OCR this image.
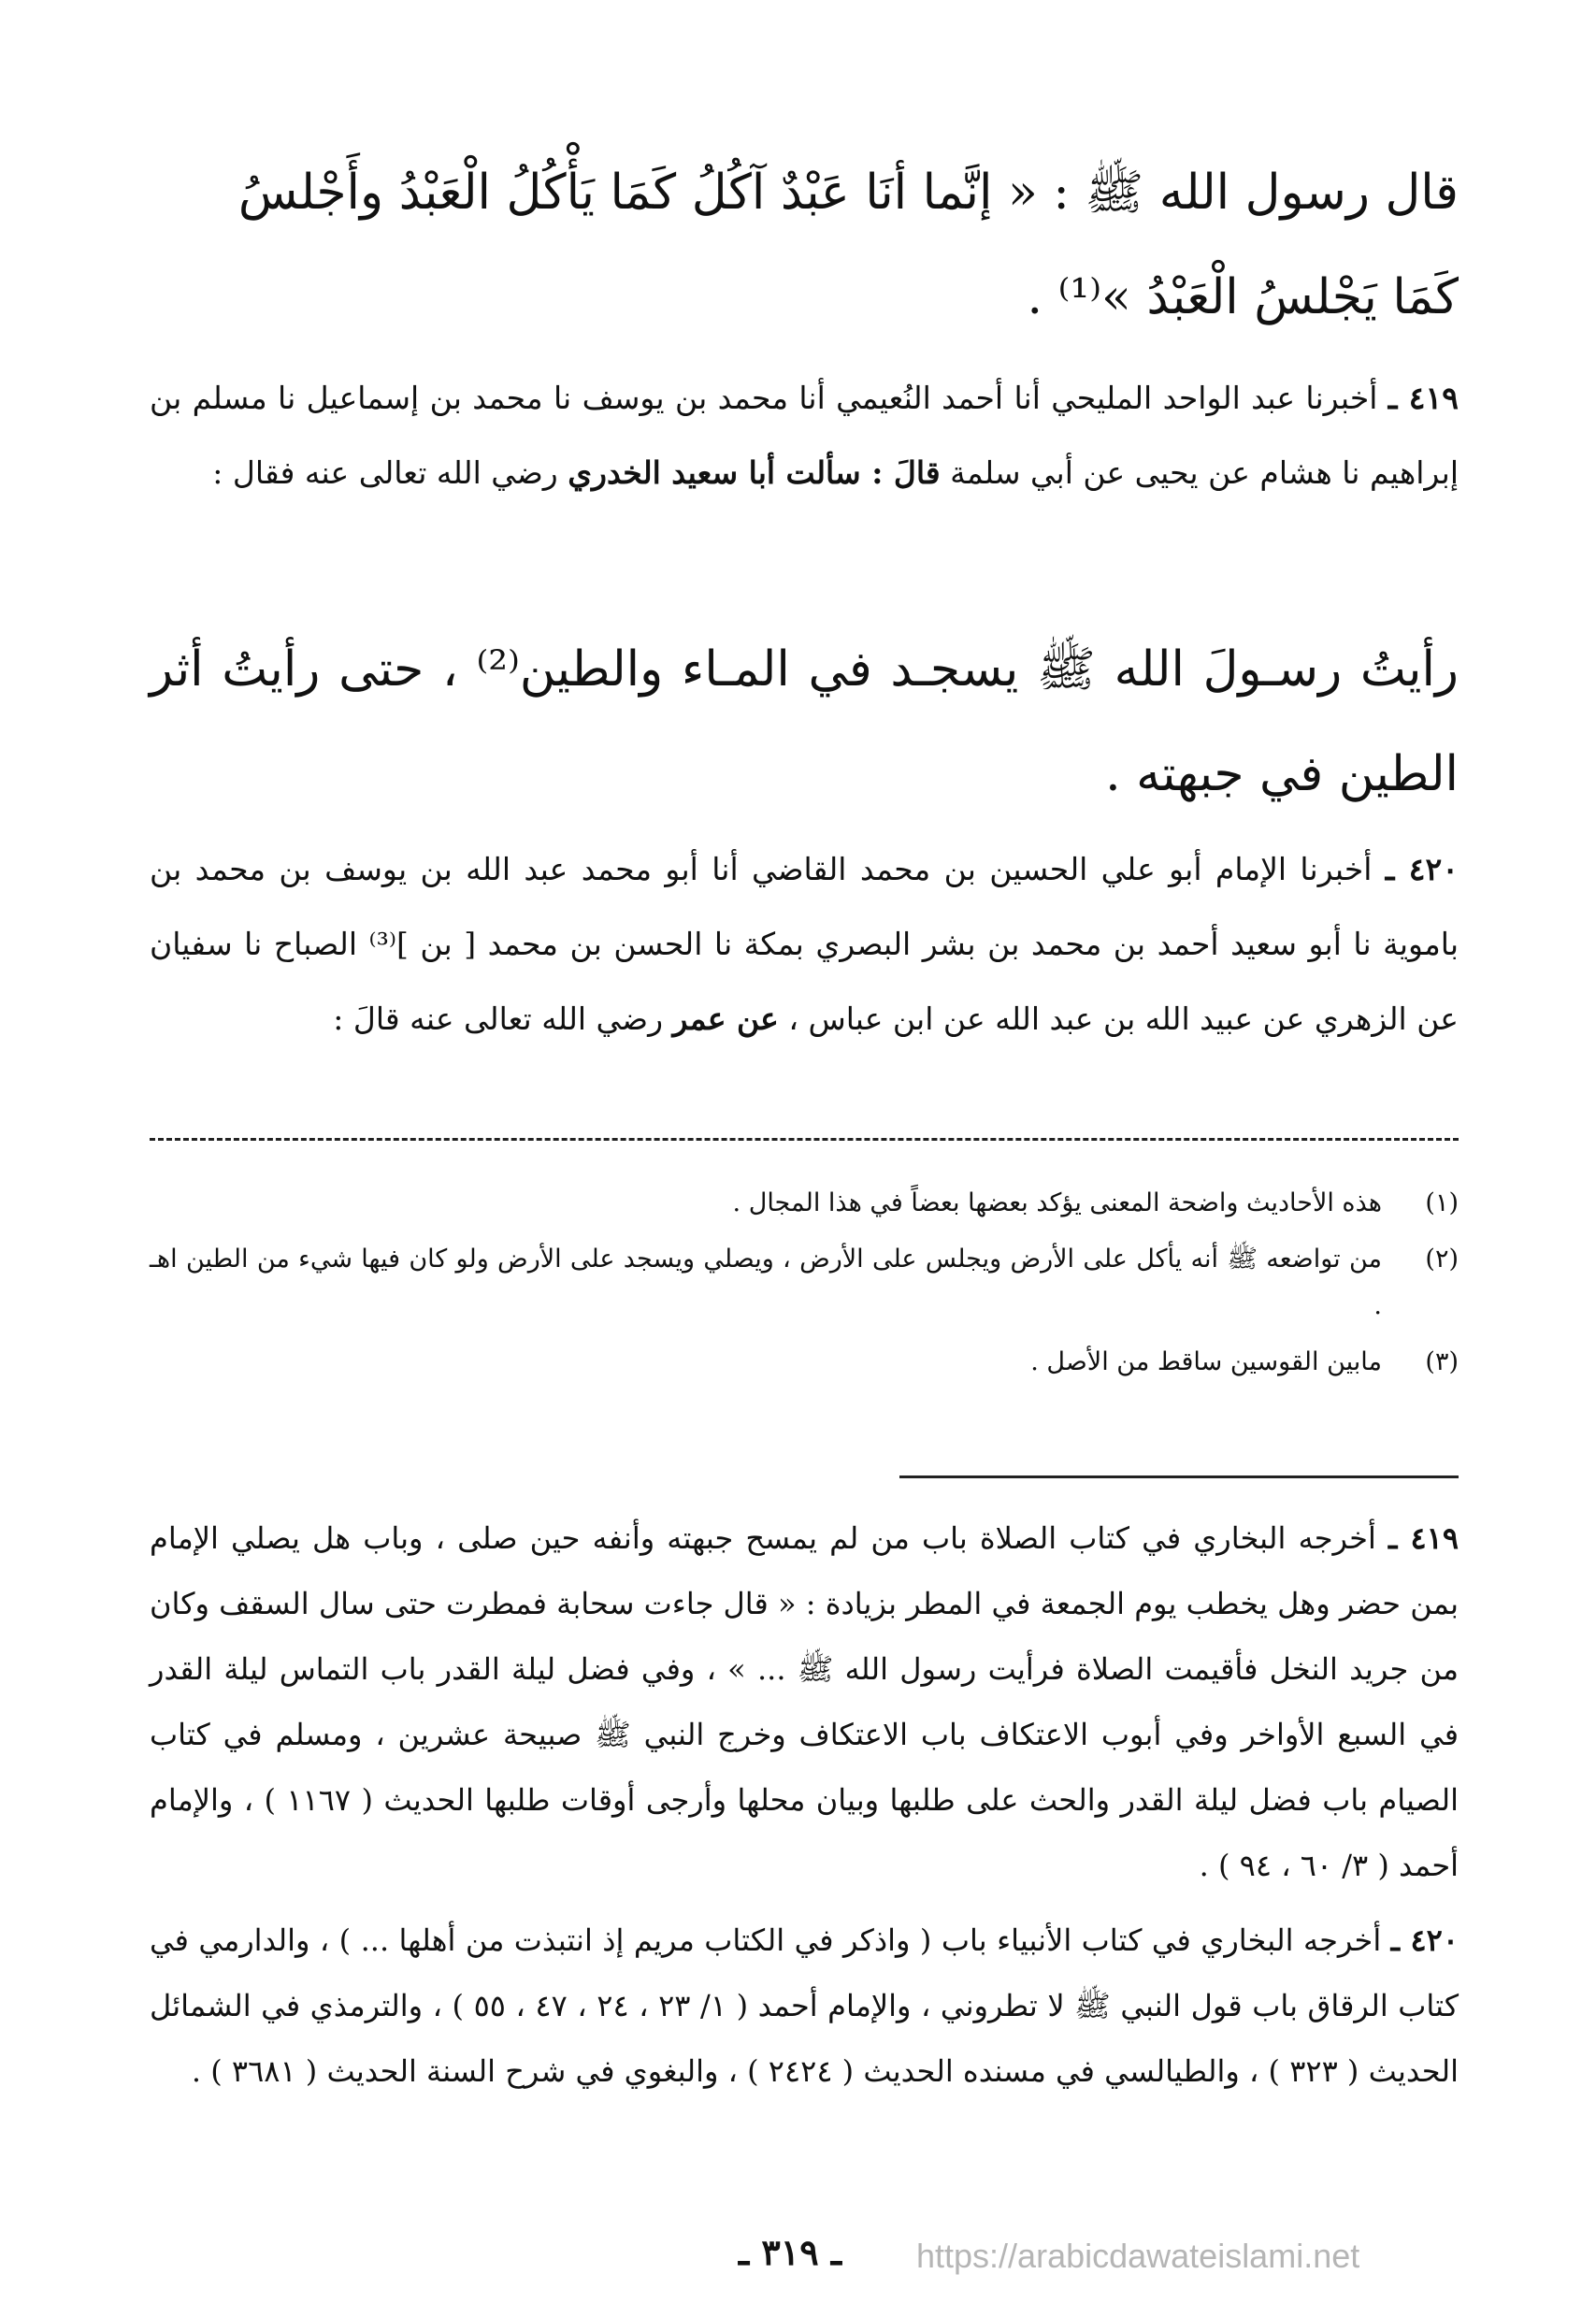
قال رسول الله ﷺ : « إنَّما أنَا عَبْدٌ آكُلُ كَمَا يَأْكُلُ الْعَبْدُ وأَجْلسُ

كَمَا يَجْلسُ الْعَبْدُ »⁽¹⁾ .

٤١٩ ـ أخبرنا عبد الواحد المليحي أنا أحمد النُعيمي أنا محمد بن يوسف نا محمد بن إسماعيل نا مسلم بن إبراهيم نا هشام عن يحيى عن أبي سلمة قالَ : سألت أبا سعيد الخدري رضي الله تعالى عنه فقال :

رأيتُ رسـولَ الله ﷺ يسجـد في المـاء والطين⁽²⁾ ، حتى رأيتُ أثر الطين في جبهته .

٤٢٠ ـ أخبرنا الإمام أبو علي الحسين بن محمد القاضي أنا أبو محمد عبد الله بن يوسف بن محمد بن باموية نا أبو سعيد أحمد بن محمد بن بشر البصري بمكة نا الحسن بن محمد [ بن ]⁽³⁾ الصباح نا سفيان عن الزهري عن عبيد الله بن عبد الله عن ابن عباس ، عن عمر رضي الله تعالى عنه قالَ :

(١)
هذه الأحاديث واضحة المعنى يؤكد بعضها بعضاً في هذا المجال .
(٢)
من تواضعه ﷺ أنه يأكل على الأرض ويجلس على الأرض ، ويصلي ويسجد على الأرض ولو كان فيها شيء من الطين اهـ .
(٣)
مابين القوسين ساقط من الأصل .

٤١٩ ـ أخرجه البخاري في كتاب الصلاة باب من لم يمسح جبهته وأنفه حين صلى ، وباب هل يصلي الإمام بمن حضر وهل يخطب يوم الجمعة في المطر بزيادة : « قال جاءت سحابة فمطرت حتى سال السقف وكان من جريد النخل فأقيمت الصلاة فرأيت رسول الله ﷺ ... » ، وفي فضل ليلة القدر باب التماس ليلة القدر في السبع الأواخر وفي أبوب الاعتكاف باب الاعتكاف وخرج النبي ﷺ صبيحة عشرين ، ومسلم في كتاب الصيام باب فضل ليلة القدر والحث على طلبها وبيان محلها وأرجى أوقات طلبها الحديث ( ١١٦٧ ) ، والإمام أحمد ( ٣/ ٦٠ ، ٩٤ ) .

٤٢٠ ـ أخرجه البخاري في كتاب الأنبياء باب ( واذكر في الكتاب مريم إذ انتبذت من أهلها ... ) ، والدارمي في كتاب الرقاق باب قول النبي ﷺ لا تطروني ، والإمام أحمد ( ١/ ٢٣ ، ٢٤ ، ٤٧ ، ٥٥ ) ، والترمذي في الشمائل الحديث ( ٣٢٣ ) ، والطيالسي في مسنده الحديث ( ٢٤٢٤ ) ، والبغوي في شرح السنة الحديث ( ٣٦٨١ ) .

ـ ٣١٩ ـ https://arabicdawateislami.net
